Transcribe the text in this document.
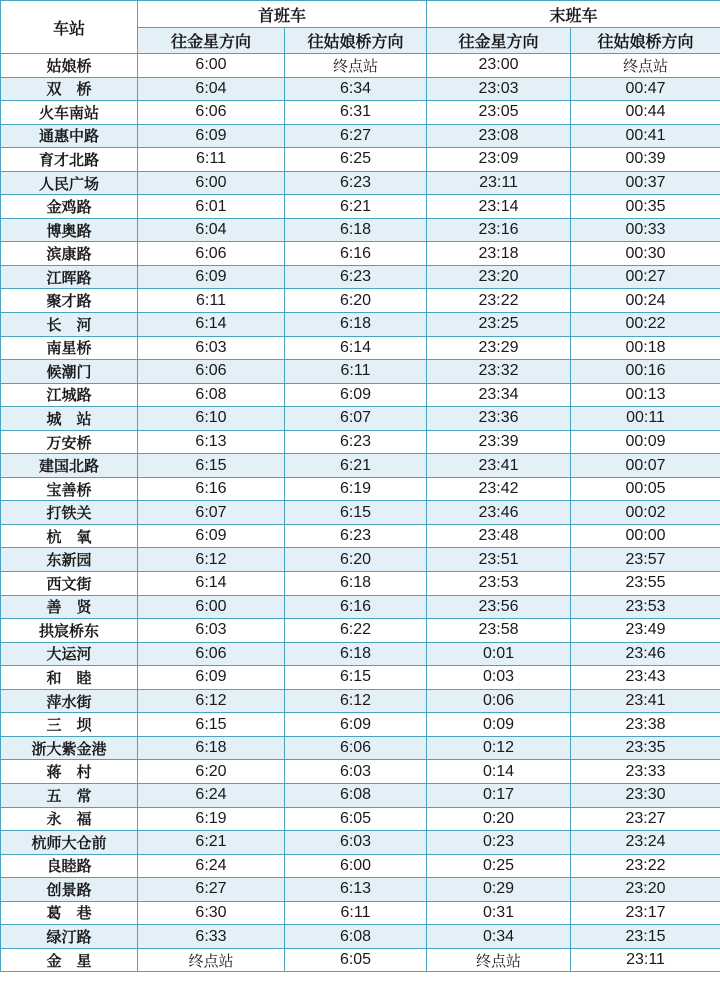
车站	首班车		末班车	
	往金星方向	往姑娘桥方向	往金星方向	往姑娘桥方向
姑娘桥	6:00	终点站	23:00	终点站
双　桥	6:04	6:34	23:03	00:47
火车南站	6:06	6:31	23:05	00:44
通惠中路	6:09	6:27	23:08	00:41
育才北路	6:11	6:25	23:09	00:39
人民广场	6:00	6:23	23:11	00:37
金鸡路	6:01	6:21	23:14	00:35
博奥路	6:04	6:18	23:16	00:33
滨康路	6:06	6:16	23:18	00:30
江晖路	6:09	6:23	23:20	00:27
聚才路	6:11	6:20	23:22	00:24
长　河	6:14	6:18	23:25	00:22
南星桥	6:03	6:14	23:29	00:18
候潮门	6:06	6:11	23:32	00:16
江城路	6:08	6:09	23:34	00:13
城　站	6:10	6:07	23:36	00:11
万安桥	6:13	6:23	23:39	00:09
建国北路	6:15	6:21	23:41	00:07
宝善桥	6:16	6:19	23:42	00:05
打铁关	6:07	6:15	23:46	00:02
杭　氧	6:09	6:23	23:48	00:00
东新园	6:12	6:20	23:51	23:57
西文街	6:14	6:18	23:53	23:55
善　贤	6:00	6:16	23:56	23:53
拱宸桥东	6:03	6:22	23:58	23:49
大运河	6:06	6:18	0:01	23:46
和　睦	6:09	6:15	0:03	23:43
萍水街	6:12	6:12	0:06	23:41
三　坝	6:15	6:09	0:09	23:38
浙大紫金港	6:18	6:06	0:12	23:35
蒋　村	6:20	6:03	0:14	23:33
五　常	6:24	6:08	0:17	23:30
永　福	6:19	6:05	0:20	23:27
杭师大仓前	6:21	6:03	0:23	23:24
良睦路	6:24	6:00	0:25	23:22
创景路	6:27	6:13	0:29	23:20
葛　巷	6:30	6:11	0:31	23:17
绿汀路	6:33	6:08	0:34	23:15
金　星	终点站	6:05	终点站	23:11
